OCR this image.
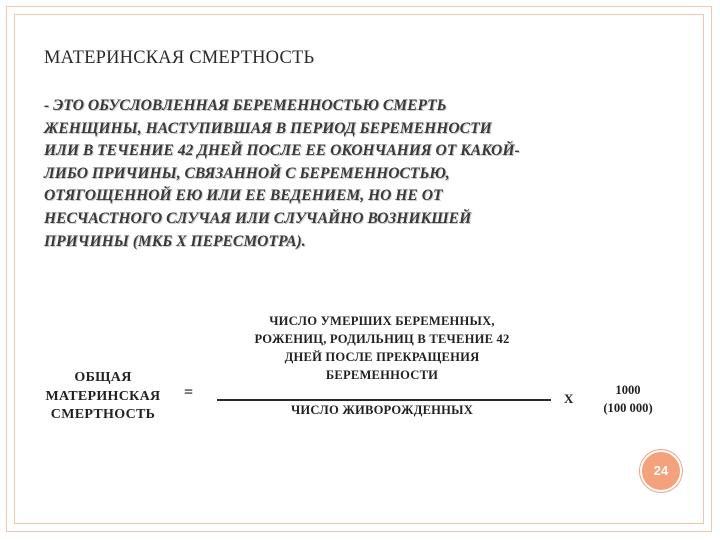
МАТЕРИНСКАЯ СМЕРТНОСТЬ
- ЭТО ОБУСЛОВЛЕННАЯ БЕРЕМЕННОСТЬЮ СМЕРТЬ
ЖЕНЩИНЫ, НАСТУПИВШАЯ В ПЕРИОД БЕРЕМЕННОСТИ
ИЛИ В ТЕЧЕНИЕ 42 ДНЕЙ ПОСЛЕ ЕЕ ОКОНЧАНИЯ ОТ КАКОЙ-
ЛИБО ПРИЧИНЫ, СВЯЗАННОЙ С БЕРЕМЕННОСТЬЮ,
ОТЯГОЩЕННОЙ ЕЮ ИЛИ ЕЕ ВЕДЕНИЕМ, НО НЕ ОТ
НЕСЧАСТНОГО СЛУЧАЯ ИЛИ СЛУЧАЙНО ВОЗНИКШЕЙ
ПРИЧИНЫ (МКБ X ПЕРЕСМОТРА).
ОБЩАЯ
МАТЕРИНСКАЯ
СМЕРТНОСТЬ
=
ЧИСЛО УМЕРШИХ БЕРЕМЕННЫХ,
РОЖЕНИЦ, РОДИЛЬНИЦ В ТЕЧЕНИЕ 42
ДНЕЙ ПОСЛЕ ПРЕКРАЩЕНИЯ
БЕРЕМЕННОСТИ
ЧИСЛО ЖИВОРОЖДЕННЫХ
Х
1000
(100 000)
24
